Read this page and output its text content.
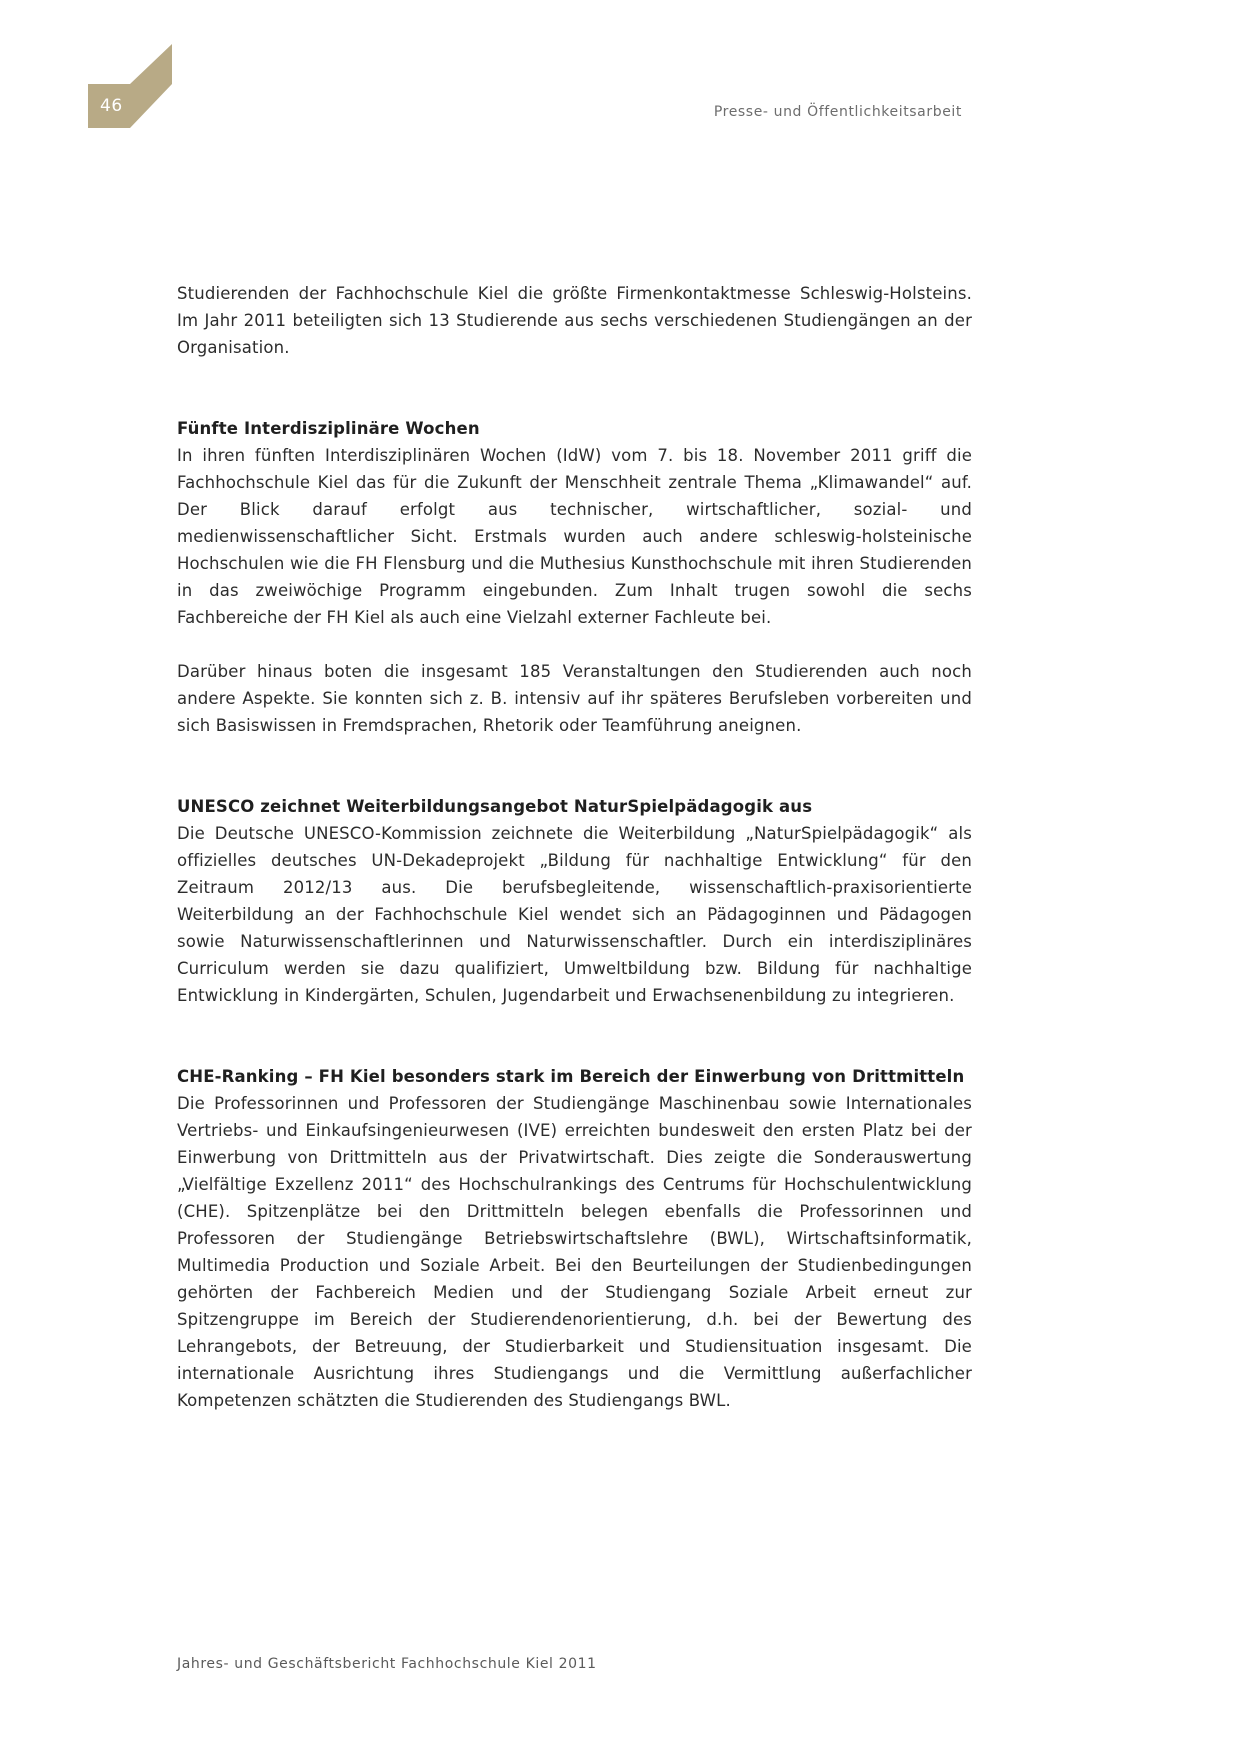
46	Presse- und Öffentlichkeitsarbeit

Studierenden der Fachhochschule Kiel die größte Firmenkontaktmesse Schleswig-Holsteins. Im Jahr 2011 beteiligten sich 13 Studierende aus sechs verschiedenen Studiengängen an der Organisation.

Fünfte Interdisziplinäre Wochen

In ihren fünften Interdisziplinären Wochen (IdW) vom 7. bis 18. November 2011 griff die Fachhochschule Kiel das für die Zukunft der Menschheit zentrale Thema „Klimawandel“ auf. Der Blick darauf erfolgt aus technischer, wirtschaftlicher, sozial- und medienwissenschaftlicher Sicht. Erstmals wurden auch andere schleswig-holsteinische Hochschulen wie die FH Flensburg und die Muthesius Kunsthochschule mit ihren Studierenden in das zweiwöchige Programm eingebunden. Zum Inhalt trugen sowohl die sechs Fachbereiche der FH Kiel als auch eine Vielzahl externer Fachleute bei.

Darüber hinaus boten die insgesamt 185 Veranstaltungen den Studierenden auch noch andere Aspekte. Sie konnten sich z. B. intensiv auf ihr späteres Berufsleben vorbereiten und sich Basiswissen in Fremdsprachen, Rhetorik oder Teamführung aneignen.

UNESCO zeichnet Weiterbildungsangebot NaturSpielpädagogik aus

Die Deutsche UNESCO-Kommission zeichnete die Weiterbildung „NaturSpielpädagogik“ als offizielles deutsches UN-Dekadeprojekt „Bildung für nachhaltige Entwicklung“ für den Zeitraum 2012/13 aus. Die berufsbegleitende, wissenschaftlich-praxisorientierte Weiterbildung an der Fachhochschule Kiel wendet sich an Pädagoginnen und Pädagogen sowie Naturwissenschaftlerinnen und Naturwissenschaftler. Durch ein interdisziplinäres Curriculum werden sie dazu qualifiziert, Umweltbildung bzw. Bildung für nachhaltige Entwicklung in Kindergärten, Schulen, Jugendarbeit und Erwachsenenbildung zu integrieren.

CHE-Ranking – FH Kiel besonders stark im Bereich der Einwerbung von Drittmitteln

Die Professorinnen und Professoren der Studiengänge Maschinenbau sowie Internationales Vertriebs- und Einkaufsingenieurwesen (IVE) erreichten bundesweit den ersten Platz bei der Einwerbung von Drittmitteln aus der Privatwirtschaft. Dies zeigte die Sonderauswertung „Vielfältige Exzellenz 2011“ des Hochschulrankings des Centrums für Hochschulentwicklung (CHE). Spitzenplätze bei den Drittmitteln belegen ebenfalls die Professorinnen und Professoren der Studiengänge Betriebswirtschaftslehre (BWL), Wirtschaftsinformatik, Multimedia Production und Soziale Arbeit. Bei den Beurteilungen der Studienbedingungen gehörten der Fachbereich Medien und der Studiengang Soziale Arbeit erneut zur Spitzengruppe im Bereich der Studierendenorientierung, d.h. bei der Bewertung des Lehrangebots, der Betreuung, der Studierbarkeit und Studiensituation insgesamt. Die internationale Ausrichtung ihres Studiengangs und die Vermittlung außerfachlicher Kompetenzen schätzten die Studierenden des Studiengangs BWL.

Jahres- und Geschäftsbericht Fachhochschule Kiel 2011
